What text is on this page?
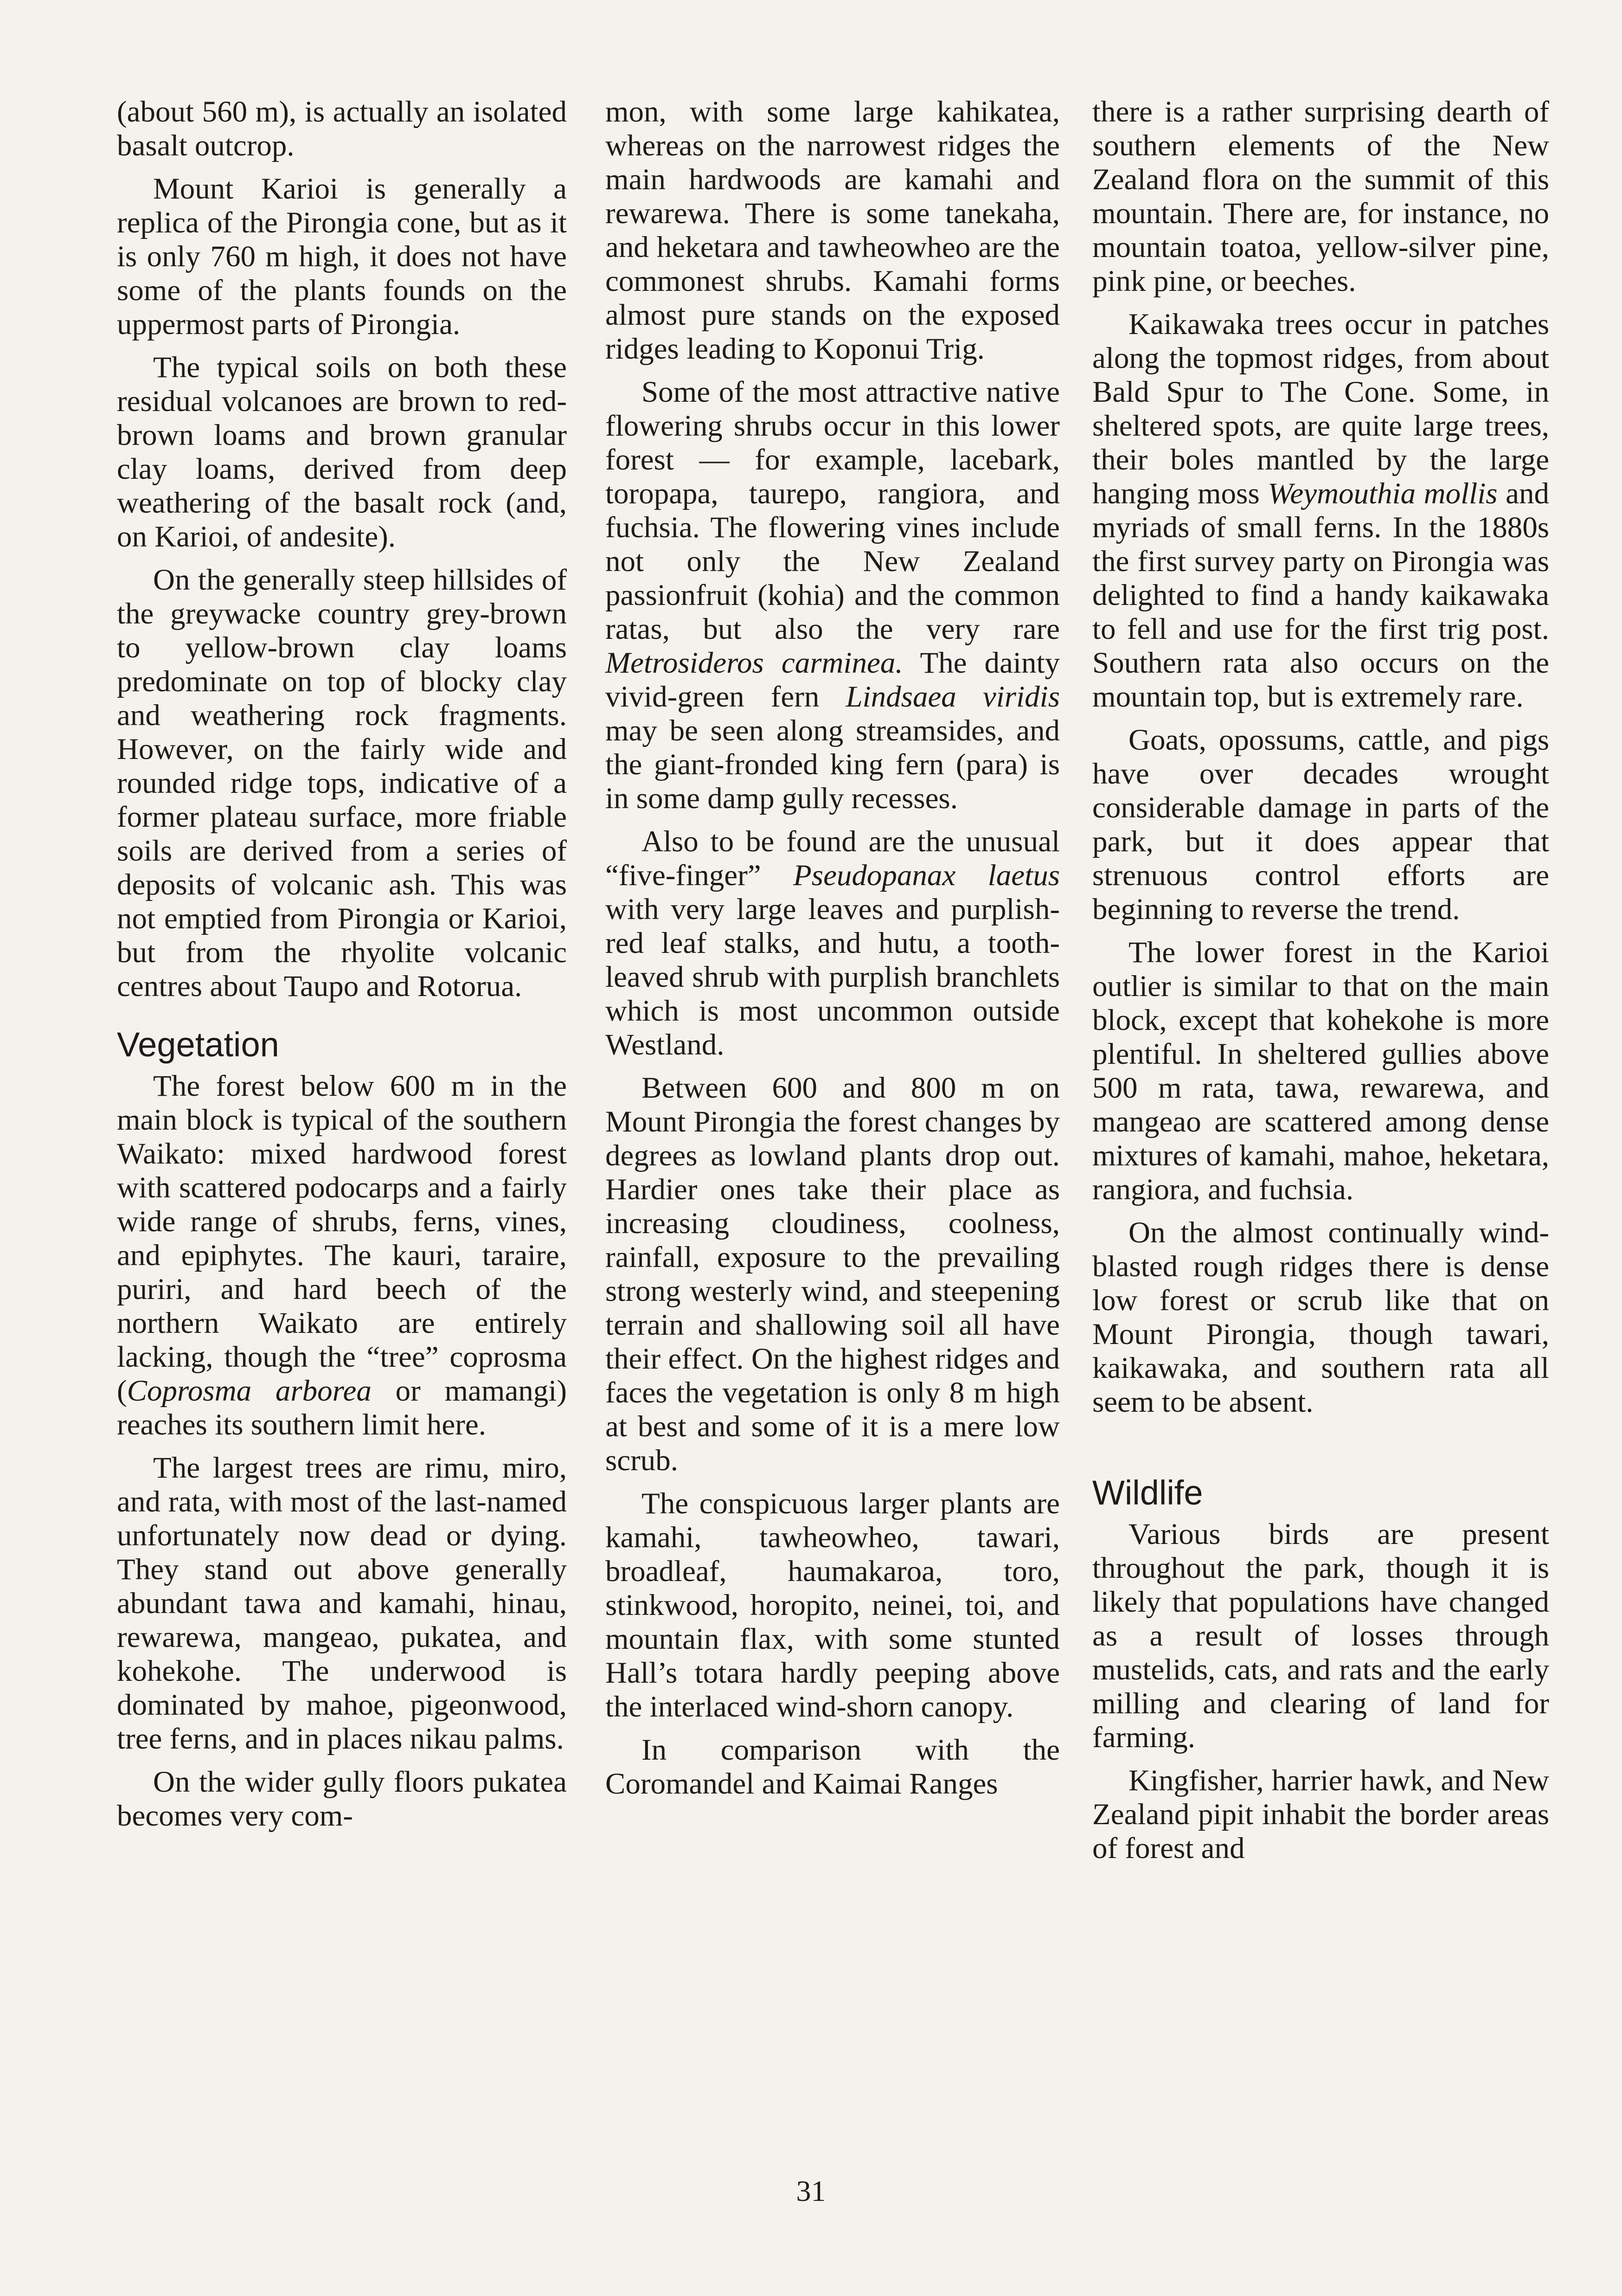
(about 560 m), is actually an isolated basalt outcrop.

Mount Karioi is generally a replica of the Pirongia cone, but as it is only 760 m high, it does not have some of the plants founds on the uppermost parts of Pirongia.

The typical soils on both these residual volcanoes are brown to red-brown loams and brown granular clay loams, derived from deep weathering of the basalt rock (and, on Karioi, of andesite).

On the generally steep hillsides of the greywacke country grey-brown to yellow-brown clay loams predominate on top of blocky clay and weathering rock fragments. However, on the fairly wide and rounded ridge tops, indicative of a former plateau surface, more friable soils are derived from a series of deposits of volcanic ash. This was not emptied from Pirongia or Karioi, but from the rhyolite volcanic centres about Taupo and Rotorua.

Vegetation

The forest below 600 m in the main block is typical of the southern Waikato: mixed hardwood forest with scattered podocarps and a fairly wide range of shrubs, ferns, vines, and epiphytes. The kauri, taraire, puriri, and hard beech of the northern Waikato are entirely lacking, though the “tree” coprosma (Coprosma arborea or mamangi) reaches its southern limit here.

The largest trees are rimu, miro, and rata, with most of the last-named unfortunately now dead or dying. They stand out above generally abundant tawa and kamahi, hinau, rewarewa, mangeao, pukatea, and kohekohe. The underwood is dominated by mahoe, pigeonwood, tree ferns, and in places nikau palms.

On the wider gully floors pukatea becomes very com-

mon, with some large kahikatea, whereas on the narrowest ridges the main hardwoods are kamahi and rewarewa. There is some tanekaha, and heketara and tawheowheo are the commonest shrubs. Kamahi forms almost pure stands on the exposed ridges leading to Koponui Trig.

Some of the most attractive native flowering shrubs occur in this lower forest — for example, lacebark, toropapa, taurepo, rangiora, and fuchsia. The flowering vines include not only the New Zealand passionfruit (kohia) and the common ratas, but also the very rare Metrosideros carminea. The dainty vivid-green fern Lindsaea viridis may be seen along streamsides, and the giant-fronded king fern (para) is in some damp gully recesses.

Also to be found are the unusual “five-finger” Pseudopanax laetus with very large leaves and purplish-red leaf stalks, and hutu, a tooth-leaved shrub with purplish branchlets which is most uncommon outside Westland.

Between 600 and 800 m on Mount Pirongia the forest changes by degrees as lowland plants drop out. Hardier ones take their place as increasing cloudiness, coolness, rainfall, exposure to the prevailing strong westerly wind, and steepening terrain and shallowing soil all have their effect. On the highest ridges and faces the vegetation is only 8 m high at best and some of it is a mere low scrub.

The conspicuous larger plants are kamahi, tawheowheo, tawari, broadleaf, haumakaroa, toro, stinkwood, horopito, neinei, toi, and mountain flax, with some stunted Hall’s totara hardly peeping above the interlaced wind-shorn canopy.

In comparison with the Coromandel and Kaimai Ranges

there is a rather surprising dearth of southern elements of the New Zealand flora on the summit of this mountain. There are, for instance, no mountain toatoa, yellow-silver pine, pink pine, or beeches.

Kaikawaka trees occur in patches along the topmost ridges, from about Bald Spur to The Cone. Some, in sheltered spots, are quite large trees, their boles mantled by the large hanging moss Weymouthia mollis and myriads of small ferns. In the 1880s the first survey party on Pirongia was delighted to find a handy kaikawaka to fell and use for the first trig post. Southern rata also occurs on the mountain top, but is extremely rare.

Goats, opossums, cattle, and pigs have over decades wrought considerable damage in parts of the park, but it does appear that strenuous control efforts are beginning to reverse the trend.

The lower forest in the Karioi outlier is similar to that on the main block, except that kohekohe is more plentiful. In sheltered gullies above 500 m rata, tawa, rewarewa, and mangeao are scattered among dense mixtures of kamahi, mahoe, heketara, rangiora, and fuchsia.

On the almost continually wind-blasted rough ridges there is dense low forest or scrub like that on Mount Pirongia, though tawari, kaikawaka, and southern rata all seem to be absent.

Wildlife

Various birds are present throughout the park, though it is likely that populations have changed as a result of losses through mustelids, cats, and rats and the early milling and clearing of land for farming.

Kingfisher, harrier hawk, and New Zealand pipit inhabit the border areas of forest and

31
